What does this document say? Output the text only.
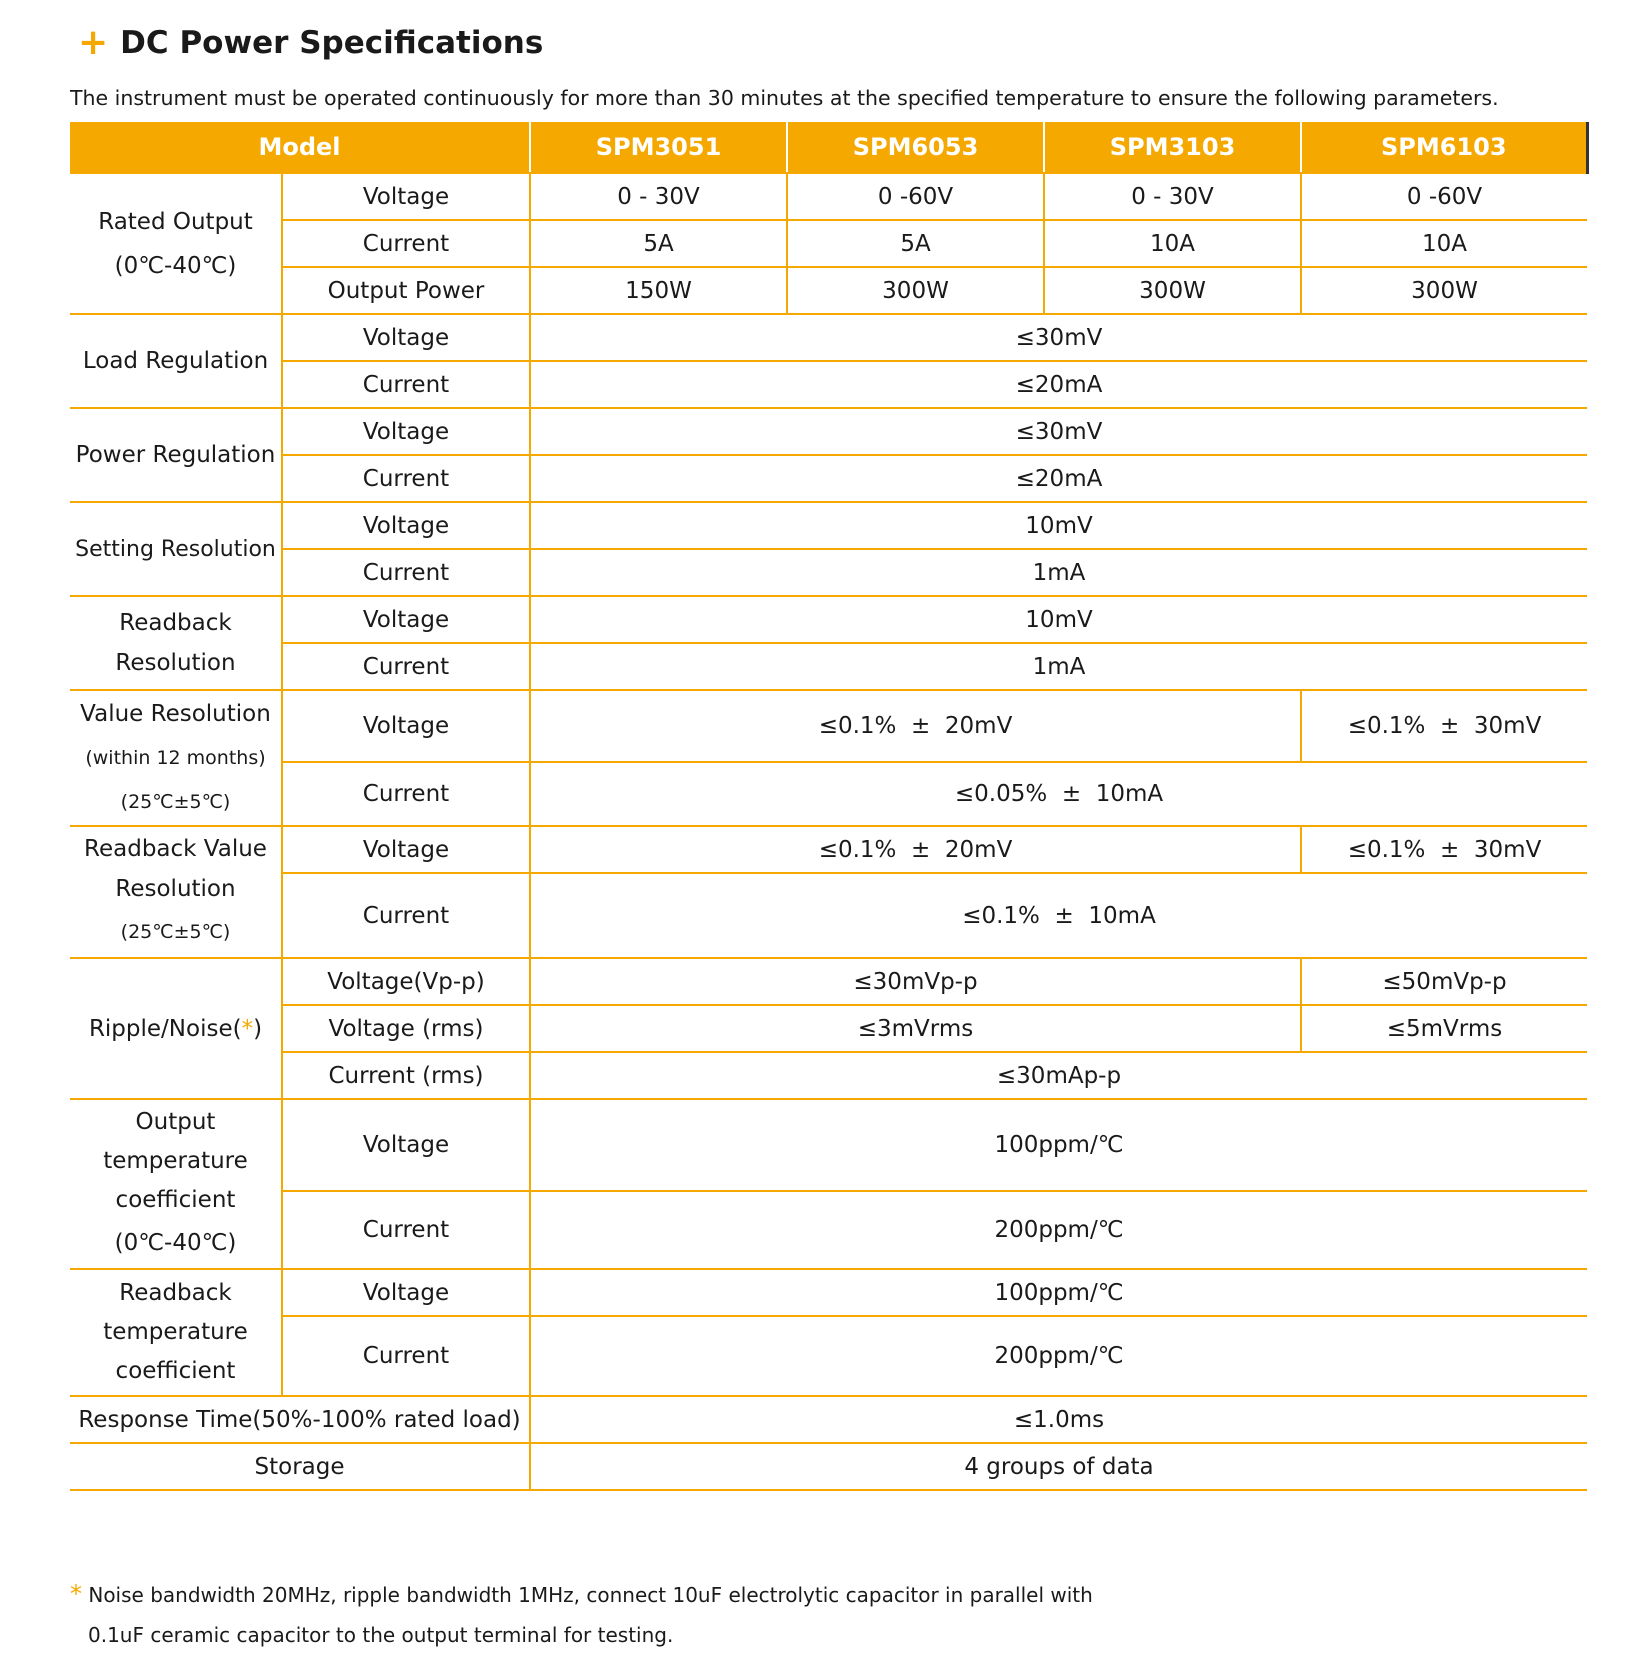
+ DC Power Specifications
The instrument must be operated continuously for more than 30 minutes at the specified temperature to ensure the following parameters.
Model		SPM3051	SPM6053	SPM3103	SPM6103

Rated Output
(0℃-40℃)	Voltage	0 - 30V	0 -60V	0 - 30V	0 -60V
	Current	5A	5A	10A	10A
	Output Power	150W	300W	300W	300W
Load Regulation	Voltage	≤30mV			
	Current	≤20mA			
Power Regulation	Voltage	≤30mV			
	Current	≤20mA			
Setting Resolution	Voltage	10mV			
	Current	1mA			

Readback
Resolution	Voltage	10mV			
	Current	1mA			

Value Resolution
(within 12 months)
(25℃±5℃)	Voltage	≤0.1%  ±  20mV			≤0.1%  ±  30mV
	Current	≤0.05%  ±  10mA			

Readback Value
Resolution
(25℃±5℃)	Voltage	≤0.1%  ±  20mV			≤0.1%  ±  30mV
	Current	≤0.1%  ±  10mA			
Ripple/Noise(*)	Voltage(Vp-p)	≤30mVp-p			≤50mVp-p
	Voltage (rms)	≤3mVrms			≤5mVrms
	Current (rms)	≤30mAp-p			

Output
temperature
coefficient
(0℃-40℃)	Voltage	100ppm/℃			
	Current	200ppm/℃			

Readback
temperature
coefficient	Voltage	100ppm/℃			
	Current	200ppm/℃			
Response Time(50%-100% rated load)		≤1.0ms			
Storage		4 groups of data			
* Noise bandwidth 20MHz, ripple bandwidth 1MHz, connect 10uF electrolytic capacitor in parallel with
0.1uF ceramic capacitor to the output terminal for testing.
